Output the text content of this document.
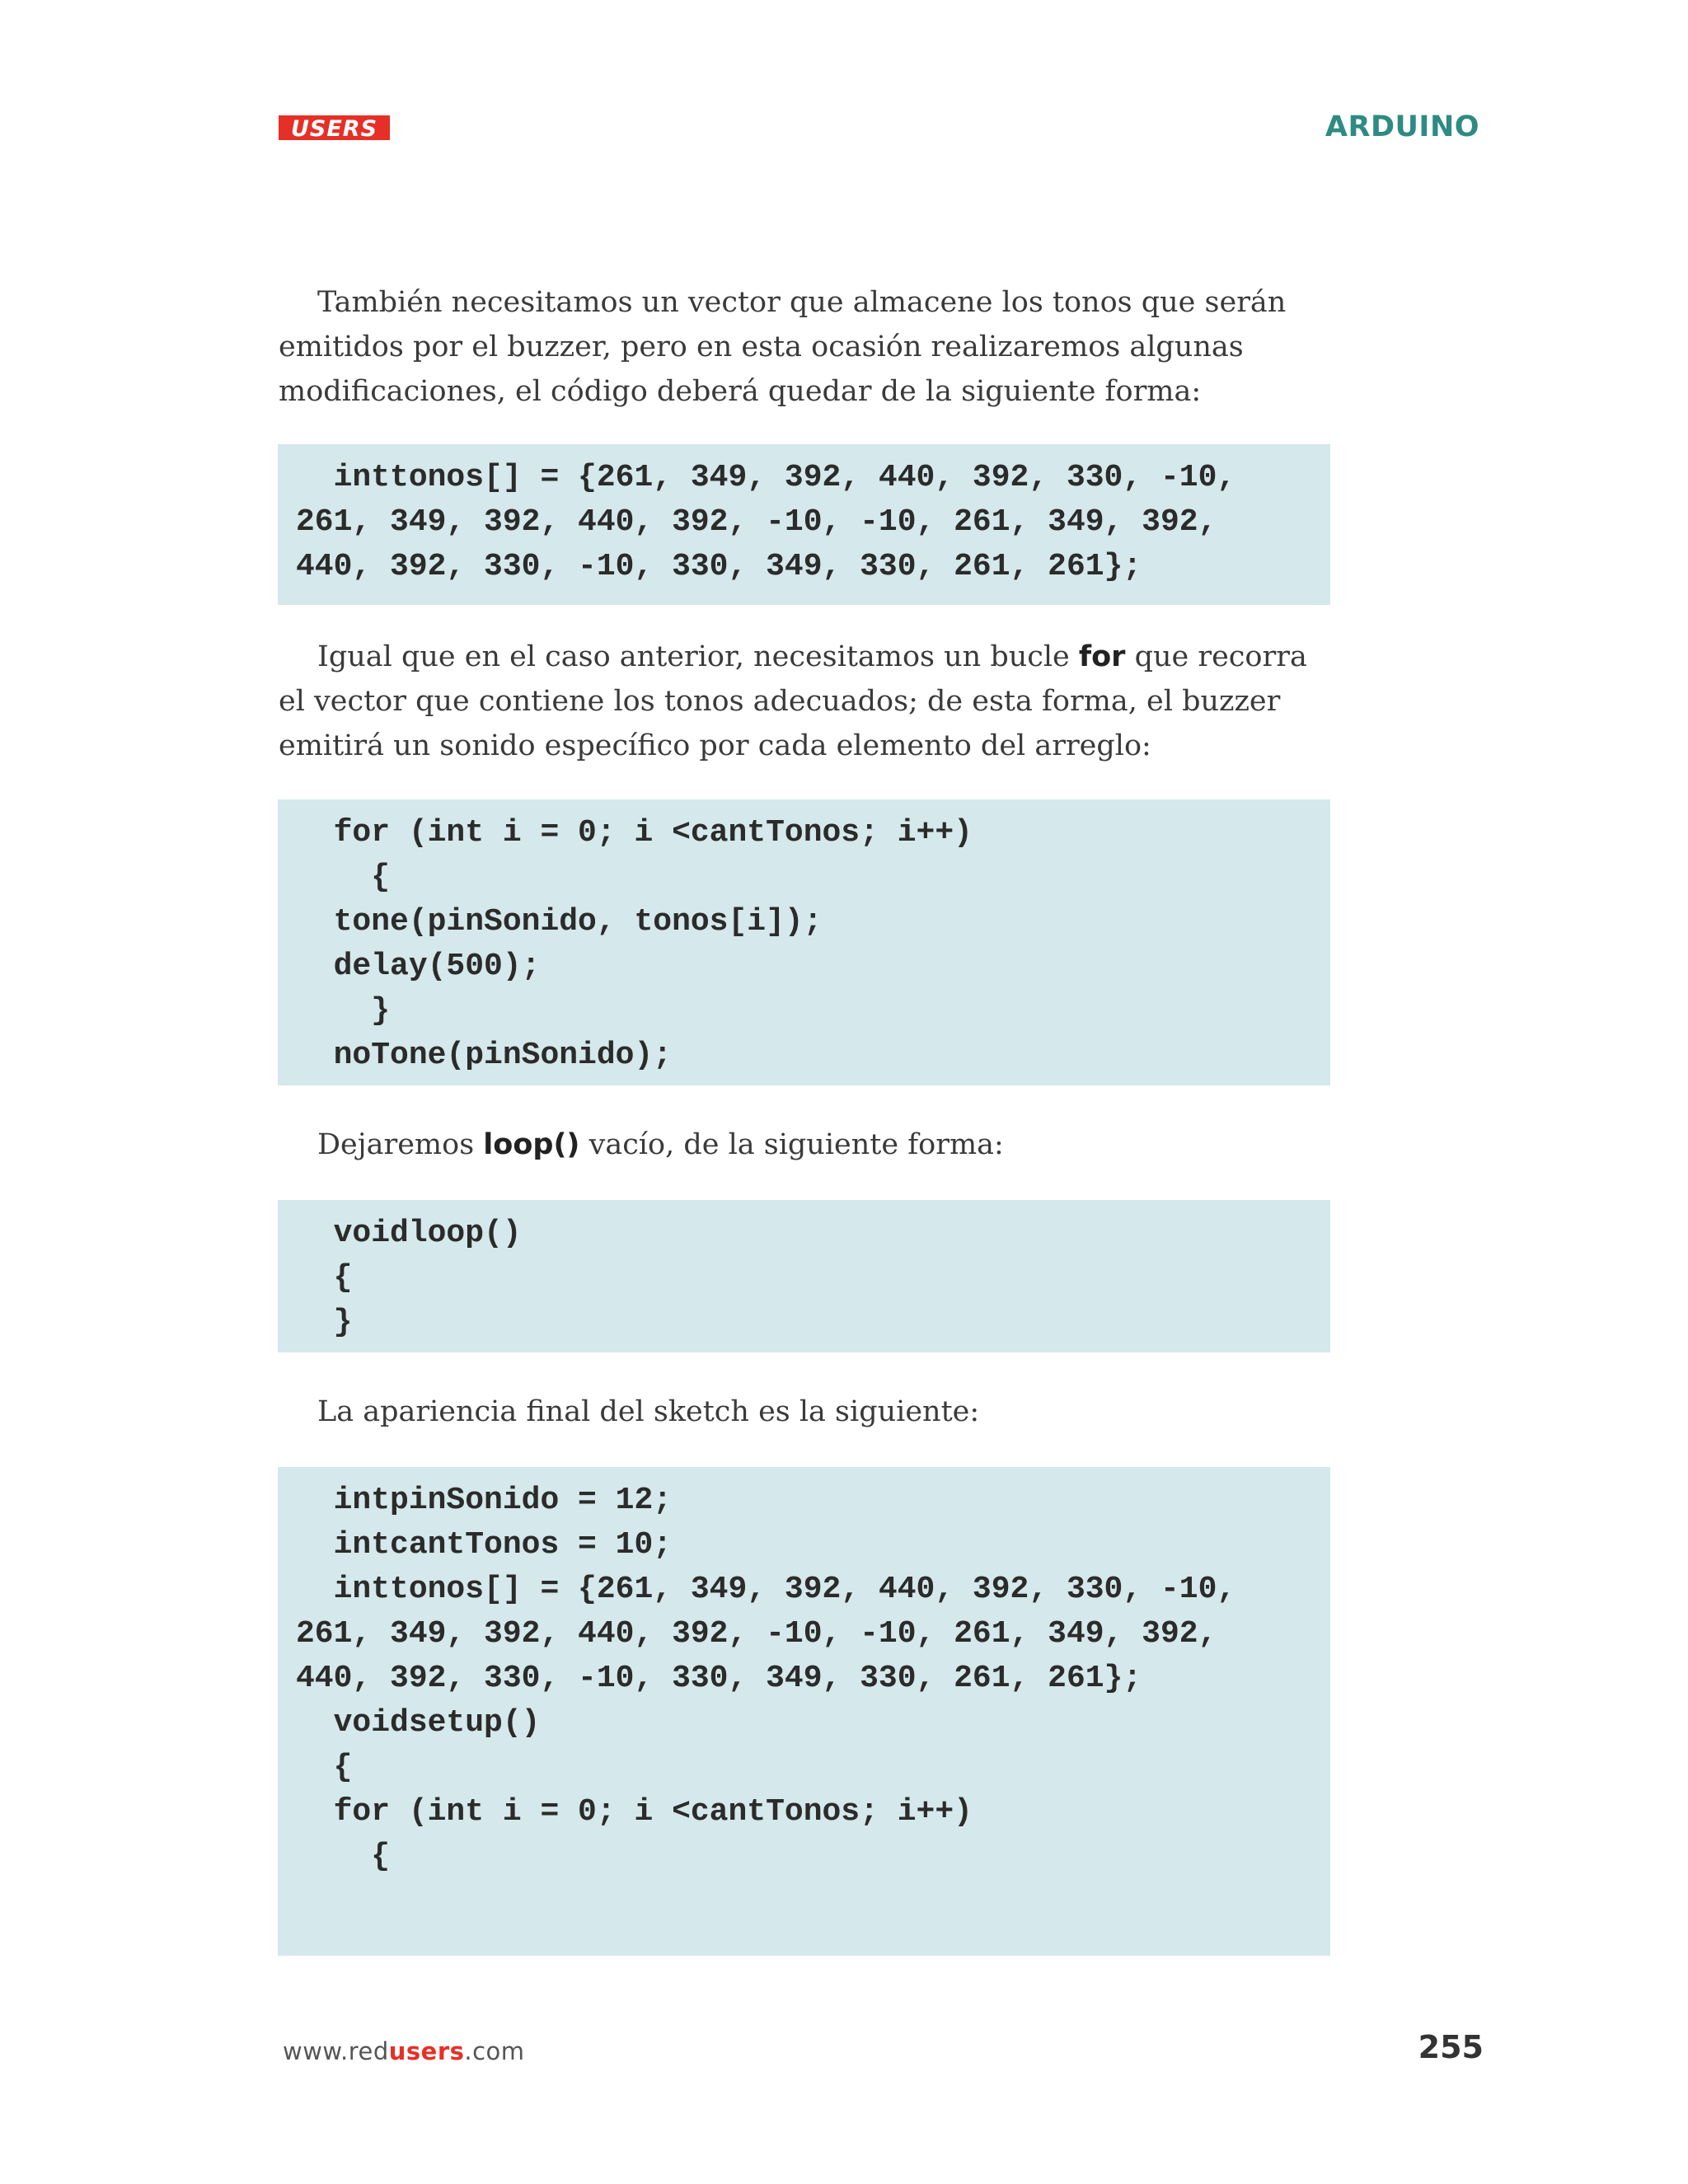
USERS	ARDUINO
También necesitamos un vector que almacene los tonos que serán
emitidos por el buzzer, pero en esta ocasión realizaremos algunas
modificaciones, el código deberá quedar de la siguiente forma:
inttonos[] = {261, 349, 392, 440, 392, 330, -10,
261, 349, 392, 440, 392, -10, -10, 261, 349, 392,
440, 392, 330, -10, 330, 349, 330, 261, 261};
Igual que en el caso anterior, necesitamos un bucle for que recorra
el vector que contiene los tonos adecuados; de esta forma, el buzzer
emitirá un sonido específico por cada elemento del arreglo:
for (int i = 0; i <cantTonos; i++)
{
tone(pinSonido, tonos[i]);
delay(500);
}
noTone(pinSonido);
Dejaremos loop() vacío, de la siguiente forma:
voidloop()
{
}
La apariencia final del sketch es la siguiente:
intpinSonido = 12;
intcantTonos = 10;
inttonos[] = {261, 349, 392, 440, 392, 330, -10,
261, 349, 392, 440, 392, -10, -10, 261, 349, 392,
440, 392, 330, -10, 330, 349, 330, 261, 261};
voidsetup()
{
for (int i = 0; i <cantTonos; i++)
{
www.redusers.com	255
